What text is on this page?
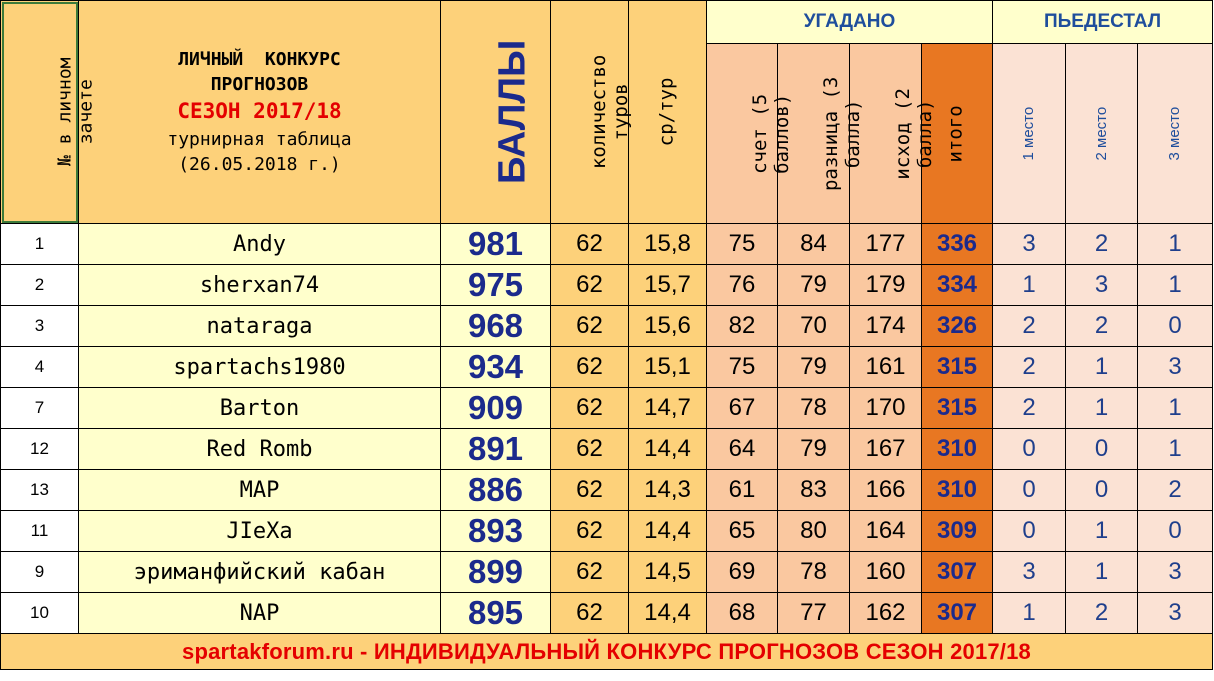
№ в личном зачете	ЛИЧНЫЙ  КОНКУРС
ПРОГНОЗОВ
СЕЗОН 2017/18
турнирная таблица
(26.05.2018 г.)	БАЛЛЫ	количество туров	ср/тур	УГАДАНО				ПЬЕДЕСТАЛ		
					счет (5 баллов)	разница (3 балла)	исход (2 балла)	итого	1 место	2 место	3 место
1	Andy	981	62	15,8	75	84	177	336	3	2	1
2	sherxan74	975	62	15,7	76	79	179	334	1	3	1
3	nataraga	968	62	15,6	82	70	174	326	2	2	0
4	spartachs1980	934	62	15,1	75	79	161	315	2	1	3
7	Barton	909	62	14,7	67	78	170	315	2	1	1
12	Red Romb	891	62	14,4	64	79	167	310	0	0	1
13	MAP	886	62	14,3	61	83	166	310	0	0	2
11	JIeXa	893	62	14,4	65	80	164	309	0	1	0
9	эриманфийский кабан	899	62	14,5	69	78	160	307	3	1	3
10	NAP	895	62	14,4	68	77	162	307	1	2	3
spartakforum.ru - ИНДИВИДУАЛЬНЫЙ КОНКУРС ПРОГНОЗОВ СЕЗОН 2017/18											
